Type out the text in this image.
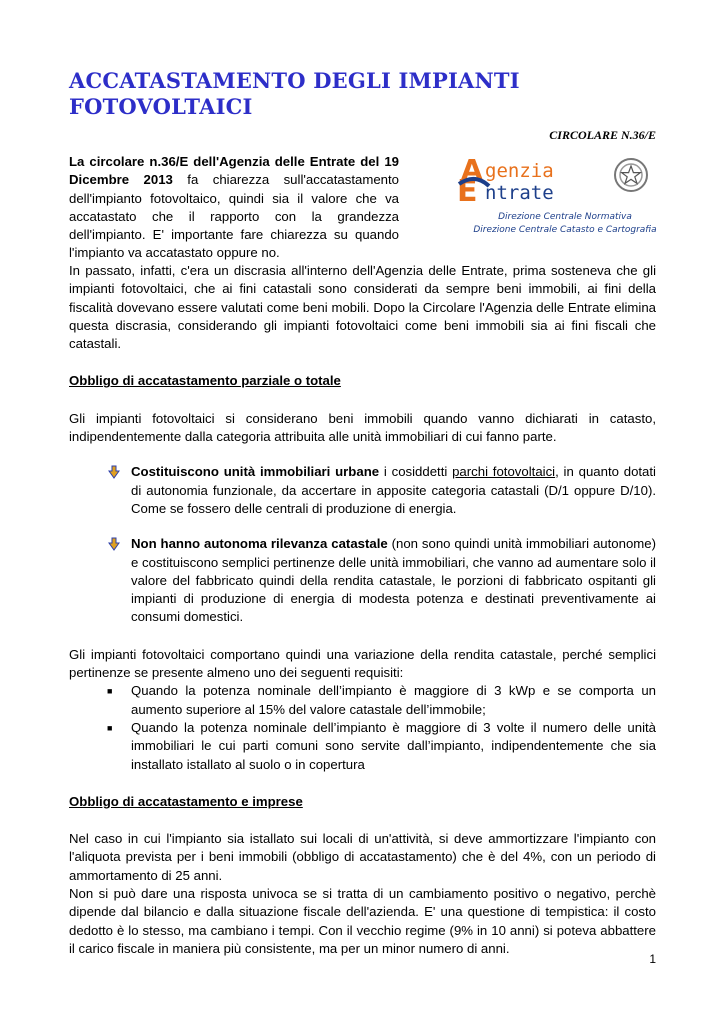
ACCATASTAMENTO DEGLI IMPIANTI FOTOVOLTAICI

CIRCOLARE N.36/E

La circolare n.36/E dell'Agenzia delle Entrate del 19 Dicembre 2013 fa chiarezza sull'accatastamento dell'impianto fotovoltaico, quindi sia il valore che va accatastato che il rapporto con la grandezza dell'impianto. E' importante fare chiarezza su quando l'impianto va accatastato oppure no.

A
E
genzia
ntrate
Direzione Centrale Normativa
Direzione Centrale Catasto e Cartografia

In passato, infatti, c'era un discrasia all'interno dell'Agenzia delle Entrate, prima sosteneva che gli impianti fotovoltaici, che ai fini catastali sono considerati da sempre beni immobili, ai fini della fiscalità dovevano essere valutati come beni mobili. Dopo la Circolare l'Agenzia delle Entrate elimina questa discrasia, considerando gli impianti fotovoltaici come beni immobili sia ai fini fiscali che catastali.

Obbligo di accatastamento parziale o totale

Gli impianti fotovoltaici si considerano beni immobili quando vanno dichiarati in catasto, indipendentemente dalla categoria attribuita alle unità immobiliari di cui fanno parte.

Costituiscono unità immobiliari urbane i cosiddetti parchi fotovoltaici, in quanto dotati di autonomia funzionale, da accertare in apposite categoria catastali (D/1 oppure D/10). Come se fossero delle centrali di produzione di energia.

Non hanno autonoma rilevanza catastale (non sono quindi unità immobiliari autonome) e costituiscono semplici pertinenze delle unità immobiliari, che vanno ad aumentare solo il valore del fabbricato quindi della rendita catastale, le porzioni di fabbricato ospitanti gli impianti di produzione di energia di modesta potenza e destinati preventivamente ai consumi domestici.

Gli impianti fotovoltaici comportano quindi una variazione della rendita catastale, perché semplici pertinenze se presente almeno uno dei seguenti requisiti:

■	Quando la potenza nominale dell’impianto è maggiore di 3 kWp e se comporta un aumento superiore al 15% del valore catastale dell’immobile;
■	Quando la potenza nominale dell’impianto è maggiore di 3 volte il numero delle unità immobiliari le cui parti comuni sono servite dall’impianto, indipendentemente che sia installato istallato al suolo o in copertura

Obbligo di accatastamento e imprese

Nel caso in cui l'impianto sia istallato sui locali di un'attività, si deve ammortizzare l'impianto con l'aliquota prevista per i beni immobili (obbligo di accatastamento) che è del 4%, con un periodo di ammortamento di 25 anni.

Non si può dare una risposta univoca se si tratta di un cambiamento positivo o negativo, perchè dipende dal bilancio e dalla situazione fiscale dell'azienda. E' una questione di tempistica: il costo dedotto è lo stesso, ma cambiano i tempi. Con il vecchio regime (9% in 10 anni) si poteva abbattere il carico fiscale in maniera più consistente, ma per un minor numero di anni.

1
